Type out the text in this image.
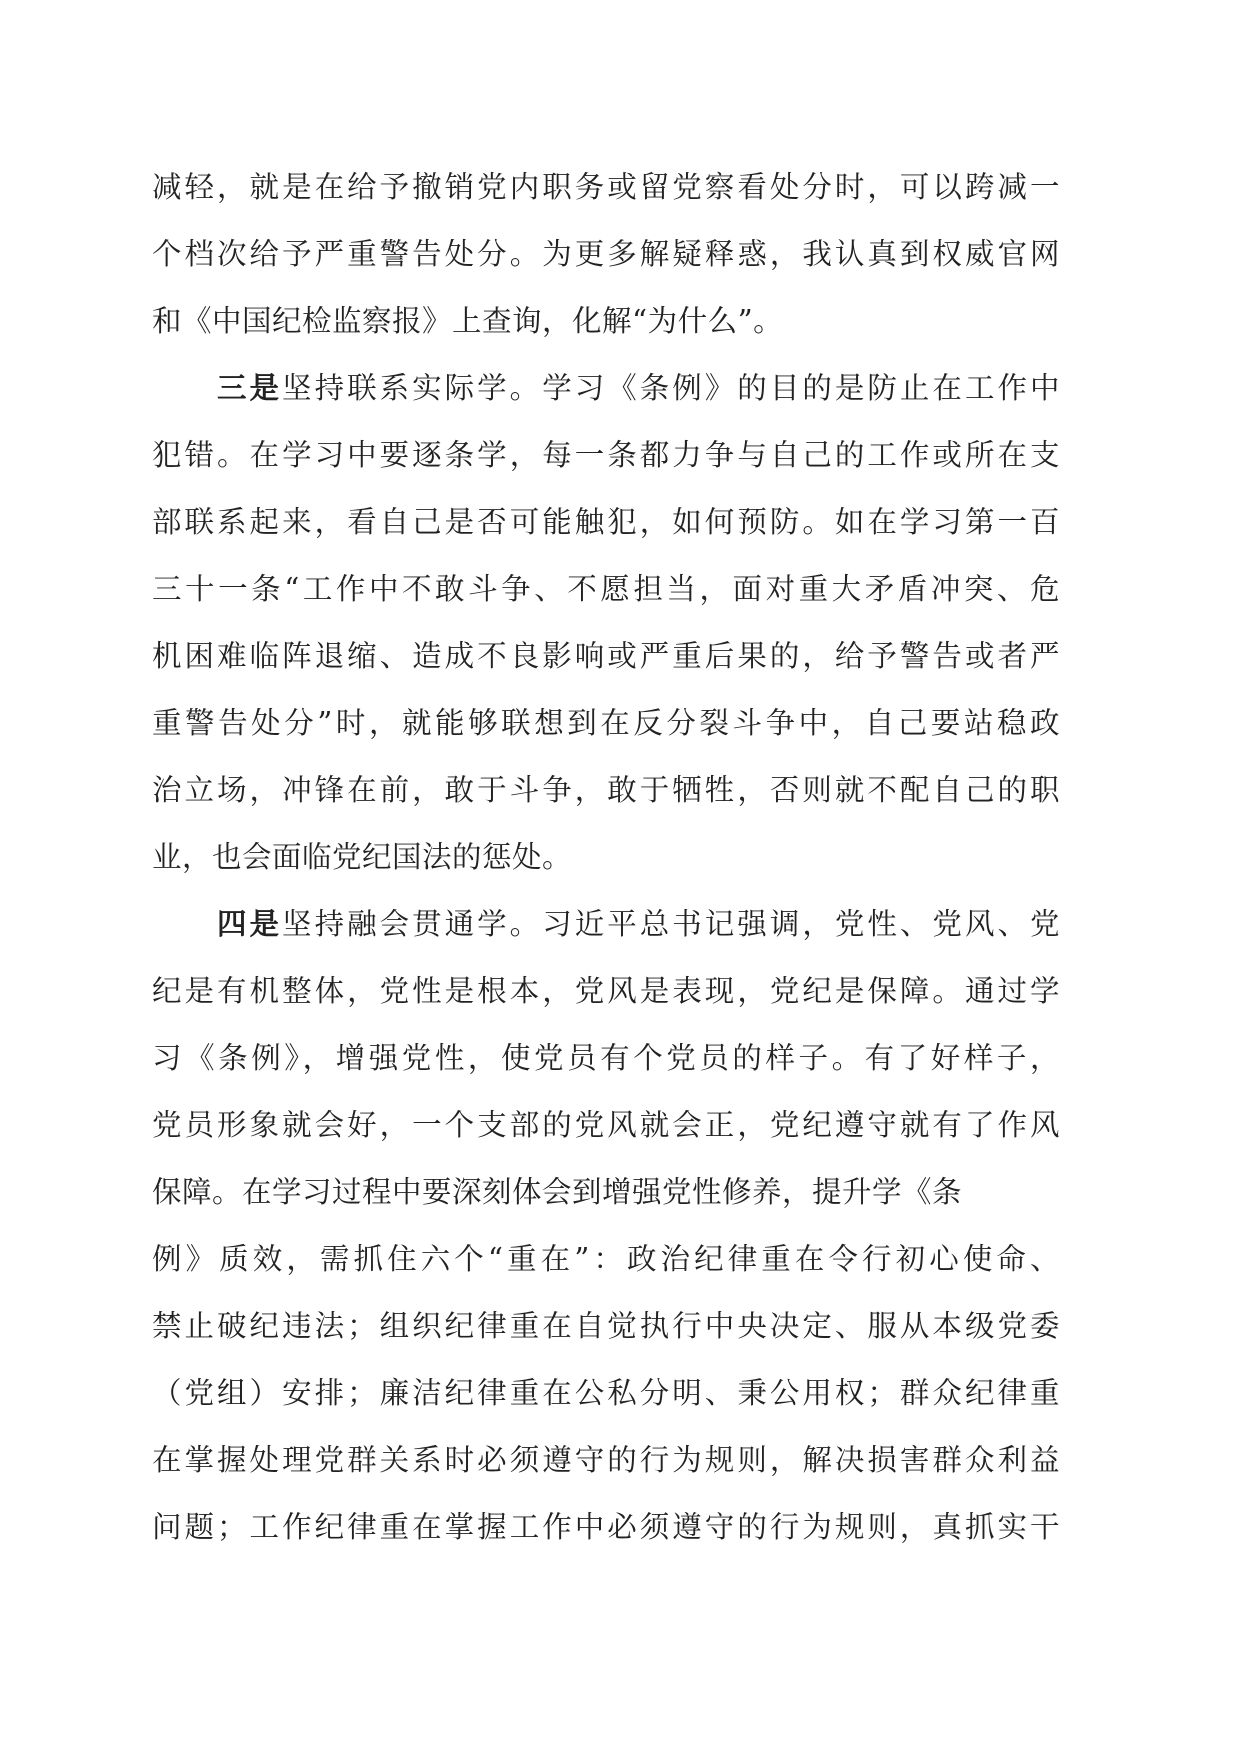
减轻，就是在给予撤销党内职务或留党察看处分时，可以跨减一

个档次给予严重警告处分。为更多解疑释惑，我认真到权威官网

和《中国纪检监察报》上查询，化解“为什么”。

三是坚持联系实际学。学习《条例》的目的是防止在工作中

犯错。在学习中要逐条学，每一条都力争与自己的工作或所在支

部联系起来，看自己是否可能触犯，如何预防。如在学习第一百

三十一条“工作中不敢斗争、不愿担当，面对重大矛盾冲突、危

机困难临阵退缩、造成不良影响或严重后果的，给予警告或者严

重警告处分”时，就能够联想到在反分裂斗争中，自己要站稳政

治立场，冲锋在前，敢于斗争，敢于牺牲，否则就不配自己的职

业，也会面临党纪国法的惩处。

四是坚持融会贯通学。习近平总书记强调，党性、党风、党

纪是有机整体，党性是根本，党风是表现，党纪是保障。通过学

习《条例》，增强党性，使党员有个党员的样子。有了好样子，

党员形象就会好，一个支部的党风就会正，党纪遵守就有了作风

保障。在学习过程中要深刻体会到增强党性修养，提升学《条

例》质效，需抓住六个“重在”：政治纪律重在令行初心使命、

禁止破纪违法；组织纪律重在自觉执行中央决定、服从本级党委

（党组）安排；廉洁纪律重在公私分明、秉公用权；群众纪律重

在掌握处理党群关系时必须遵守的行为规则，解决损害群众利益

问题；工作纪律重在掌握工作中必须遵守的行为规则，真抓实干
